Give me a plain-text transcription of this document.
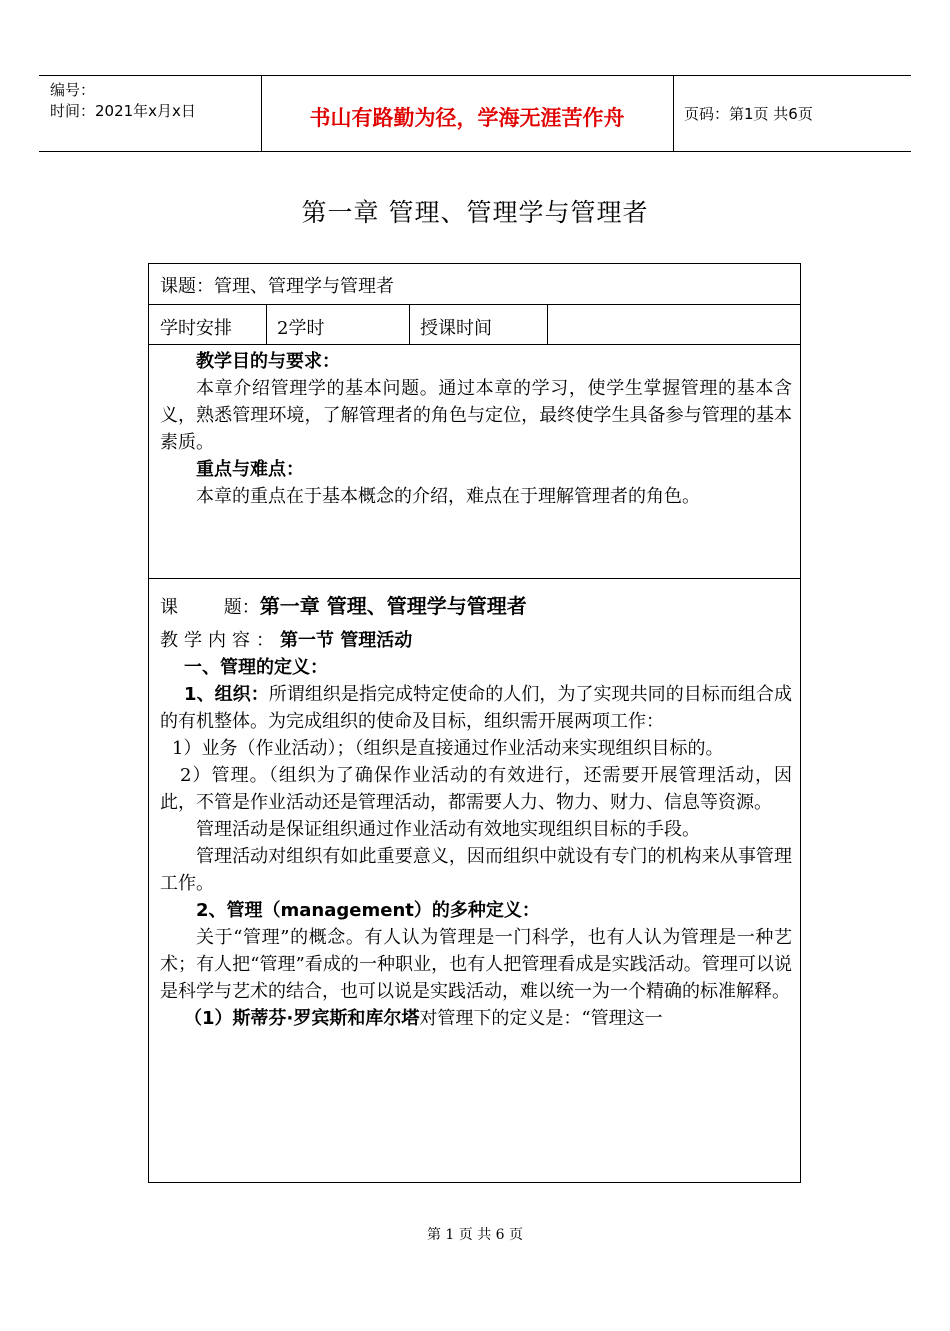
编号：
时间：2021年x月x日	书山有路勤为径，学海无涯苦作舟	页码：第1页 共6页
第一章 管理、管理学与管理者
课题：管理、管理学与管理者
学时安排	2学时	授课时间

教学目的与要求：

本章介绍管理学的基本问题。通过本章的学习，使学生掌握管理的基本含义，熟悉管理环境，了解管理者的角色与定位，最终使学生具备参与管理的基本素质。

重点与难点：

本章的重点在于基本概念的介绍，难点在于理解管理者的角色。

课        题：第一章 管理、管理学与管理者

教学内容：第一节 管理活动

一、管理的定义：

1、组织：所谓组织是指完成特定使命的人们，为了实现共同的目标而组合成的有机整体。为完成组织的使命及目标，组织需开展两项工作：

1）业务（作业活动）；（组织是直接通过作业活动来实现组织目标的。

2）管理。（组织为了确保作业活动的有效进行，还需要开展管理活动，因此，不管是作业活动还是管理活动，都需要人力、物力、财力、信息等资源。

管理活动是保证组织通过作业活动有效地实现组织目标的手段。

管理活动对组织有如此重要意义，因而组织中就设有专门的机构来从事管理工作。

2、管理（management）的多种定义：

关于“管理”的概念。有人认为管理是一门科学，也有人认为管理是一种艺术；有人把“管理”看成的一种职业，也有人把管理看成是实践活动。管理可以说是科学与艺术的结合，也可以说是实践活动，难以统一为一个精确的标准解释。

（1）斯蒂芬·罗宾斯和库尔塔对管理下的定义是：“管理这一

第 1 页 共 6 页
